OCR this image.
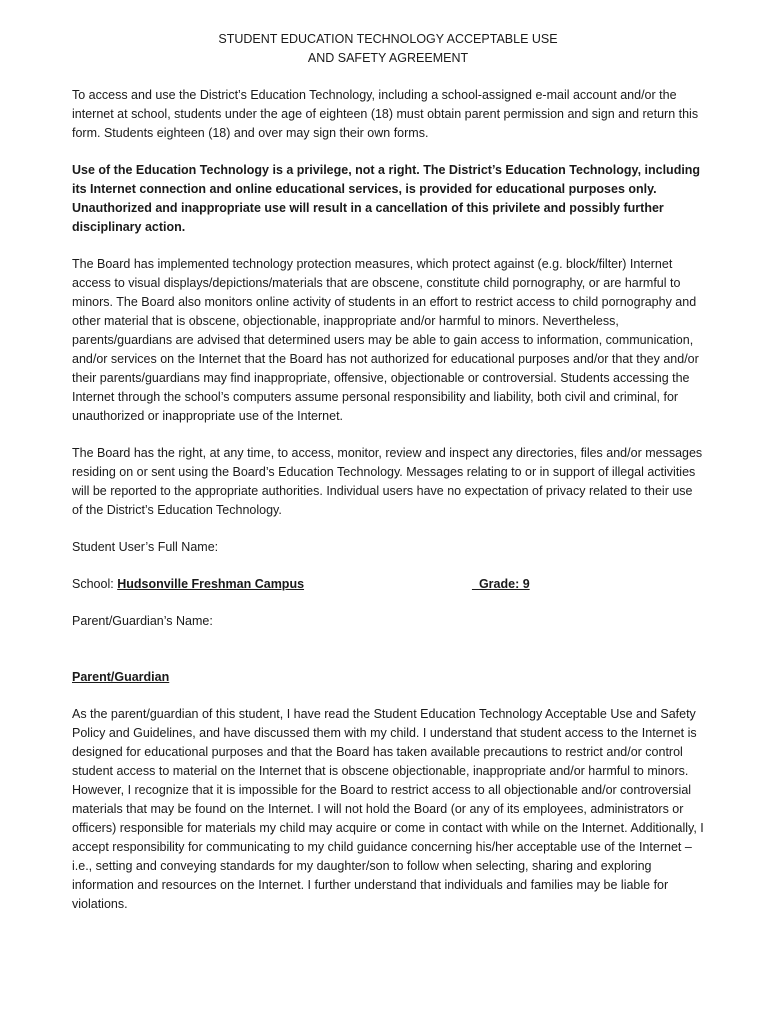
STUDENT EDUCATION TECHNOLOGY ACCEPTABLE USE

AND SAFETY AGREEMENT

To access and use the District’s Education Technology, including a school-assigned e-mail account and/or the internet at school, students under the age of eighteen (18) must obtain parent permission and sign and return this form. Students eighteen (18) and over may sign their own forms.

Use of the Education Technology is a privilege, not a right. The District’s Education Technology, including its Internet connection and online educational services, is provided for educational purposes only. Unauthorized and inappropriate use will result in a cancellation of this privilete and possibly further disciplinary action.

The Board has implemented technology protection measures, which protect against (e.g. block/filter) Internet access to visual displays/depictions/materials that are obscene, constitute child pornography, or are harmful to minors. The Board also monitors online activity of students in an effort to restrict access to child pornography and other material that is obscene, objectionable, inappropriate and/or harmful to minors. Nevertheless, parents/guardians are advised that determined users may be able to gain access to information, communication, and/or services on the Internet that the Board has not authorized for educational purposes and/or that they and/or their parents/guardians may find inappropriate, offensive, objectionable or controversial. Students accessing the Internet through the school’s computers assume personal responsibility and liability, both civil and criminal, for unauthorized or inappropriate use of the Internet.

The Board has the right, at any time, to access, monitor, review and inspect any directories, files and/or messages residing on or sent using the Board’s Education Technology. Messages relating to or in support of illegal activities will be reported to the appropriate authorities. Individual users have no expectation of privacy related to their use of the District’s Education Technology.

Student User’s Full Name:
School: Hudsonville Freshman Campus	_Grade: 9
Parent/Guardian’s Name:
Parent/Guardian

As the parent/guardian of this student, I have read the Student Education Technology Acceptable Use and Safety Policy and Guidelines, and have discussed them with my child. I understand that student access to the Internet is designed for educational purposes and that the Board has taken available precautions to restrict and/or control student access to material on the Internet that is obscene objectionable, inappropriate and/or harmful to minors. However, I recognize that it is impossible for the Board to restrict access to all objectionable and/or controversial materials that may be found on the Internet. I will not hold the Board (or any of its employees, administrators or officers) responsible for materials my child may acquire or come in contact with while on the Internet. Additionally, I accept responsibility for communicating to my child guidance concerning his/her acceptable use of the Internet – i.e., setting and conveying standards for my daughter/son to follow when selecting, sharing and exploring information and resources on the Internet. I further understand that individuals and families may be liable for violations.
